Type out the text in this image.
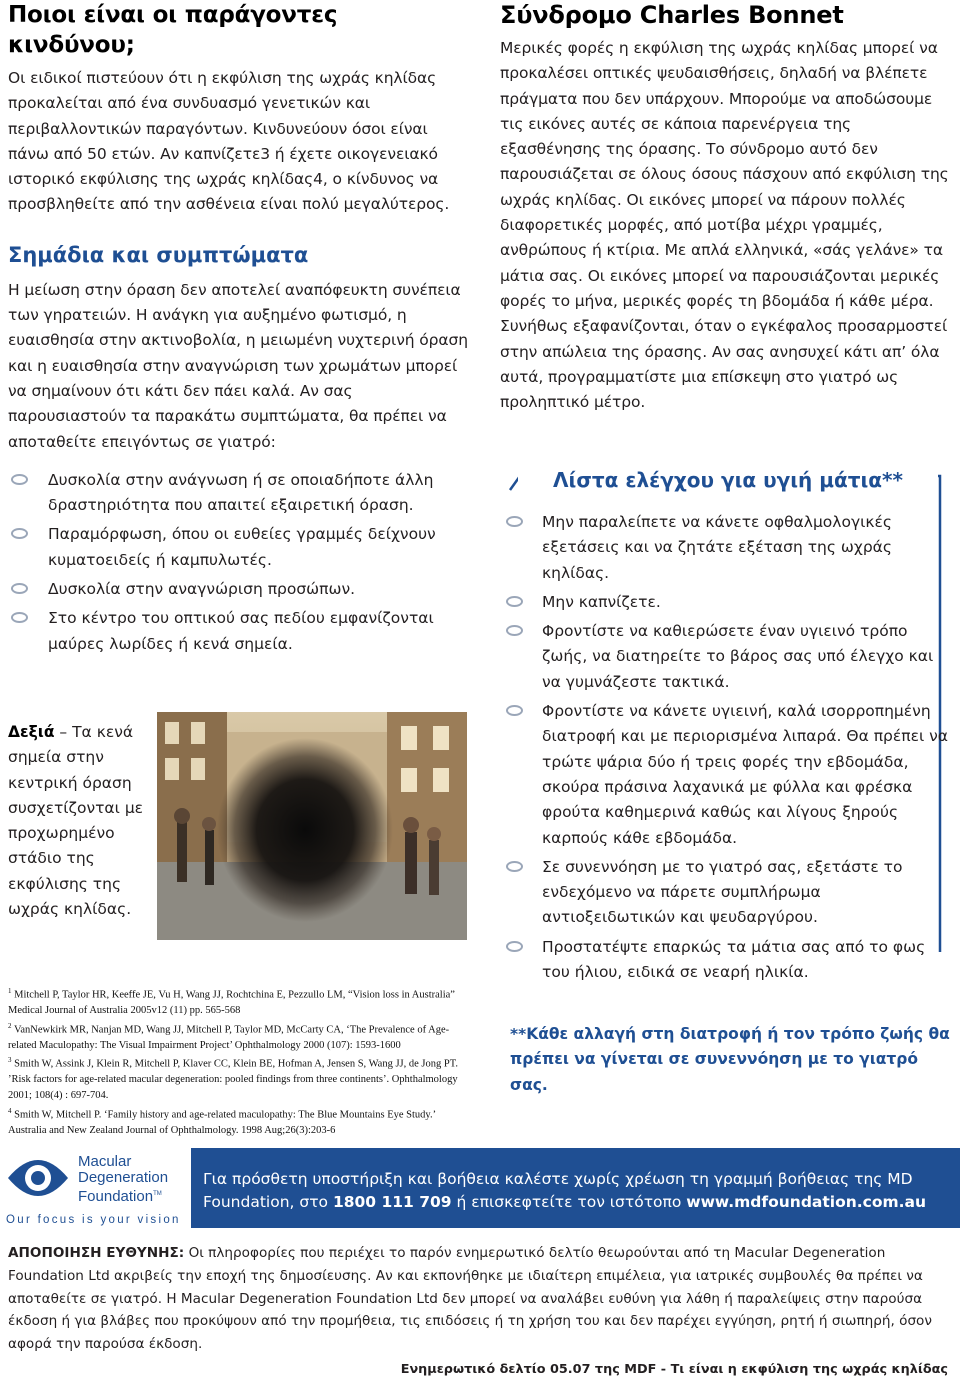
Ποιοι είναι οι παράγοντες κινδύνου;

Οι ειδικοί πιστεύουν ότι η εκφύλιση της ωχράς κηλίδας προκαλείται από ένα συνδυασμό γενετικών και περιβαλλοντικών παραγόντων. Κινδυνεύουν όσοι είναι πάνω από 50 ετών. Αν καπνίζετε3 ή έχετε οικογενειακό ιστορικό εκφύλισης της ωχράς κηλίδας4, ο κίνδυνος να προσβληθείτε από την ασθένεια είναι πολύ μεγαλύτερος.

Σημάδια και συμπτώματα

Η μείωση στην όραση δεν αποτελεί αναπόφευκτη συνέπεια των γηρατειών. Η ανάγκη για αυξημένο φωτισμό, η ευαισθησία στην ακτινοβολία, η μειωμένη νυχτερινή όραση και η ευαισθησία στην αναγνώριση των χρωμάτων μπορεί να σημαίνουν ότι κάτι δεν πάει καλά. Αν σας παρουσιαστούν τα παρακάτω συμπτώματα, θα πρέπει να αποταθείτε επειγόντως σε γιατρό:

Δυσκολία στην ανάγνωση ή σε οποιαδήποτε άλλη δραστηριότητα που απαιτεί εξαιρετική όραση.
Παραμόρφωση, όπου οι ευθείες γραμμές δείχνουν κυματοειδείς ή καμπυλωτές.
Δυσκολία στην αναγνώριση προσώπων.
Στο κέντρο του οπτικού σας πεδίου εμφανίζονται μαύρες λωρίδες ή κενά σημεία.
Δεξιά – Τα κενά σημεία στην κεντρική όραση συσχετίζονται με προχωρημένο στάδιο της εκφύλισης της ωχράς κηλίδας.

$^1$ Mitchell P, Taylor HR, Keeffe JE, Vu H, Wang JJ, Rochtchina E, Pezzullo LM, “Vision loss in Australia” Medical Journal of Australia 2005v12 (11) pp. 565-568

$^2$ VanNewkirk MR, Nanjan MD, Wang JJ, Mitchell P, Taylor MD, McCarty CA, ‘The Prevalence of Age-related Maculopathy: The Visual Impairment Project’ Ophthalmology 2000 (107): 1593-1600

$^3$ Smith W, Assink J, Klein R, Mitchell P, Klaver CC, Klein BE, Hofman A, Jensen S, Wang JJ, de Jong PT. ’Risk factors for age-related macular degeneration: pooled findings from three continents’. Ophthalmology 2001; 108(4) : 697-704.

$^4$ Smith W, Mitchell P. ‘Family history and age-related maculopathy: The Blue Mountains Eye Study.’ Australia and New Zealand Journal of Ophthalmology. 1998 Aug;26(3):203-6

Σύνδρομο Charles Bonnet

Μερικές φορές η εκφύλιση της ωχράς κηλίδας μπορεί να προκαλέσει οπτικές ψευδαισθήσεις, δηλαδή να βλέπετε πράγματα που δεν υπάρχουν. Μπορούμε να αποδώσουμε τις εικόνες αυτές σε κάποια παρενέργεια της εξασθένησης της όρασης. Το σύνδρομο αυτό δεν παρουσιάζεται σε όλους όσους πάσχουν από εκφύλιση της ωχράς κηλίδας. Οι εικόνες μπορεί να πάρουν πολλές διαφορετικές μορφές, από μοτίβα μέχρι γραμμές, ανθρώπους ή κτίρια. Με απλά ελληνικά, «σάς γελάνε» τα μάτια σας. Οι εικόνες μπορεί να παρουσιάζονται μερικές φορές το μήνα, μερικές φορές τη βδομάδα ή κάθε μέρα. Συνήθως εξαφανίζονται, όταν ο εγκέφαλος προσαρμοστεί στην απώλεια της όρασης. Αν σας ανησυχεί κάτι απ’ όλα αυτά, προγραμματίστε μια επίσκεψη στο γιατρό ως προληπτικό μέτρο.

Λίστα ελέγχου για υγιή μάτια**
Μην παραλείπετε να κάνετε οφθαλμολογικές εξετάσεις και να ζητάτε εξέταση της ωχράς κηλίδας.
Μην καπνίζετε.
Φροντίστε να καθιερώσετε έναν υγιεινό τρόπο ζωής, να διατηρείτε το βάρος σας υπό έλεγχο και να γυμνάζεστε τακτικά.
Φροντίστε να κάνετε υγιεινή, καλά ισορροπημένη διατροφή και με περιορισμένα λιπαρά. Θα πρέπει να τρώτε ψάρια δύο ή τρεις φορές την εβδομάδα, σκούρα πράσινα λαχανικά με φύλλα και φρέσκα φρούτα καθημερινά καθώς και λίγους ξηρούς καρπούς κάθε εβδομάδα.
Σε συνεννόηση με το γιατρό σας, εξετάστε το ενδεχόμενο να πάρετε συμπλήρωμα αντιοξειδωτικών και ψευδαργύρου.
Προστατέψτε επαρκώς τα μάτια σας από το φως του ήλιου, ειδικά σε νεαρή ηλικία.
**Κάθε αλλαγή στη διατροφή ή τον τρόπο ζωής θα πρέπει να γίνεται σε συνεννόηση με το γιατρό σας.
Macular
Degeneration
Foundation™
Our focus is your vision
Για πρόσθετη υποστήριξη και βοήθεια καλέστε χωρίς χρέωση τη γραμμή βοήθειας της MD Foundation, στο 1800 111 709 ή επισκεφτείτε τον ιστότοπο www.mdfoundation.com.au
ΑΠΟΠΟΙΗΣΗ ΕΥΘΥΝΗΣ: Οι πληροφορίες που περιέχει το παρόν ενημερωτικό δελτίο θεωρούνται από τη Macular Degeneration Foundation Ltd ακριβείς την εποχή της δημοσίευσης. Αν και εκπονήθηκε με ιδιαίτερη επιμέλεια, για ιατρικές συμβουλές θα πρέπει να αποταθείτε σε γιατρό. Η Macular Degeneration Foundation Ltd δεν μπορεί να αναλάβει ευθύνη για λάθη ή παραλείψεις στην παρούσα έκδοση ή για βλάβες που προκύψουν από την προμήθεια, τις επιδόσεις ή τη χρήση του και δεν παρέχει εγγύηση, ρητή ή σιωπηρή, όσον αφορά την παρούσα έκδοση.
Ενημερωτικό δελτίο 05.07 της MDF - Τι είναι η εκφύλιση της ωχράς κηλίδας
